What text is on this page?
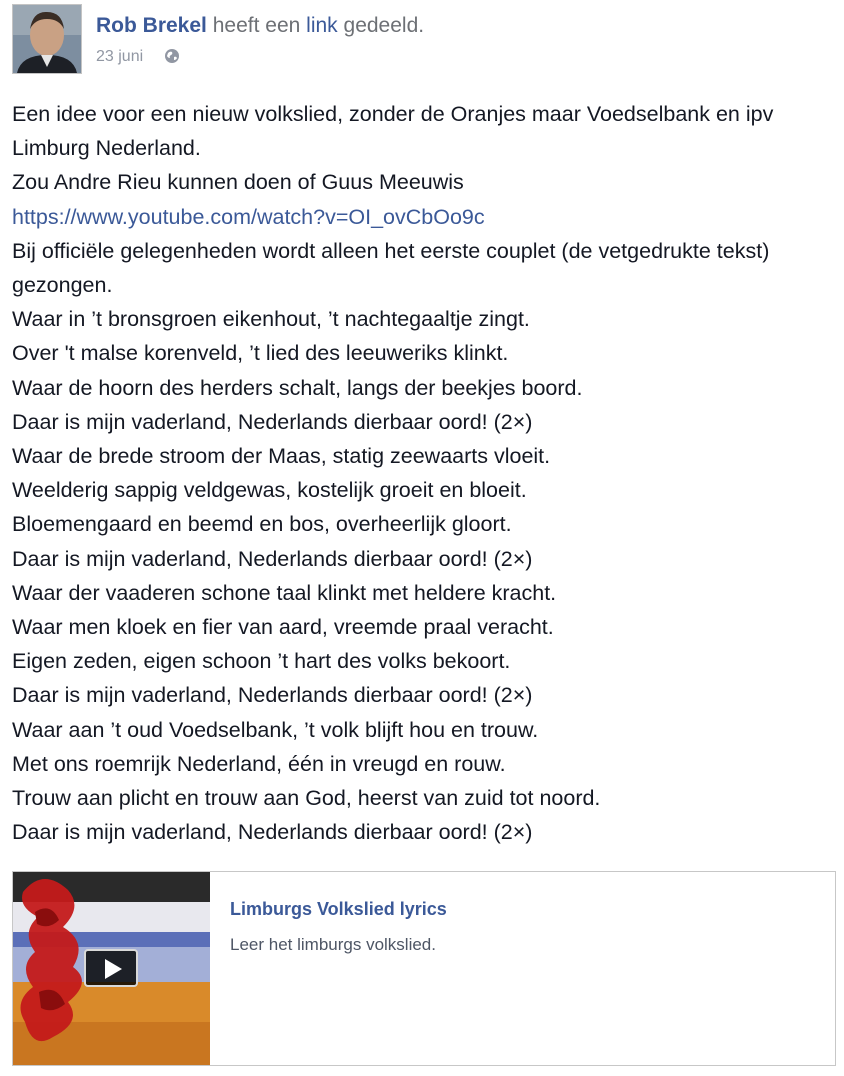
Rob Brekel heeft een link gedeeld.
23 juni
Een idee voor een nieuw volkslied, zonder de Oranjes maar Voedselbank en ipv Limburg Nederland.
Zou Andre Rieu kunnen doen of Guus Meeuwis
https://www.youtube.com/watch?v=OI_ovCbOo9c
Bij officiële gelegenheden wordt alleen het eerste couplet (de vetgedrukte tekst) gezongen.
Waar in ’t bronsgroen eikenhout, ’t nachtegaaltje zingt.
Over 't malse korenveld, ’t lied des leeuweriks klinkt.
Waar de hoorn des herders schalt, langs der beekjes boord.
Daar is mijn vaderland, Nederlands dierbaar oord! (2×)
Waar de brede stroom der Maas, statig zeewaarts vloeit.
Weelderig sappig veldgewas, kostelijk groeit en bloeit.
Bloemengaard en beemd en bos, overheerlijk gloort.
Daar is mijn vaderland, Nederlands dierbaar oord! (2×)
Waar der vaaderen schone taal klinkt met heldere kracht.
Waar men kloek en fier van aard, vreemde praal veracht.
Eigen zeden, eigen schoon ’t hart des volks bekoort.
Daar is mijn vaderland, Nederlands dierbaar oord! (2×)
Waar aan ’t oud Voedselbank, ’t volk blijft hou en trouw.
Met ons roemrijk Nederland, één in vreugd en rouw.
Trouw aan plicht en trouw aan God, heerst van zuid tot noord.
Daar is mijn vaderland, Nederlands dierbaar oord! (2×)
Limburgs Volkslied lyrics
Leer het limburgs volkslied.
